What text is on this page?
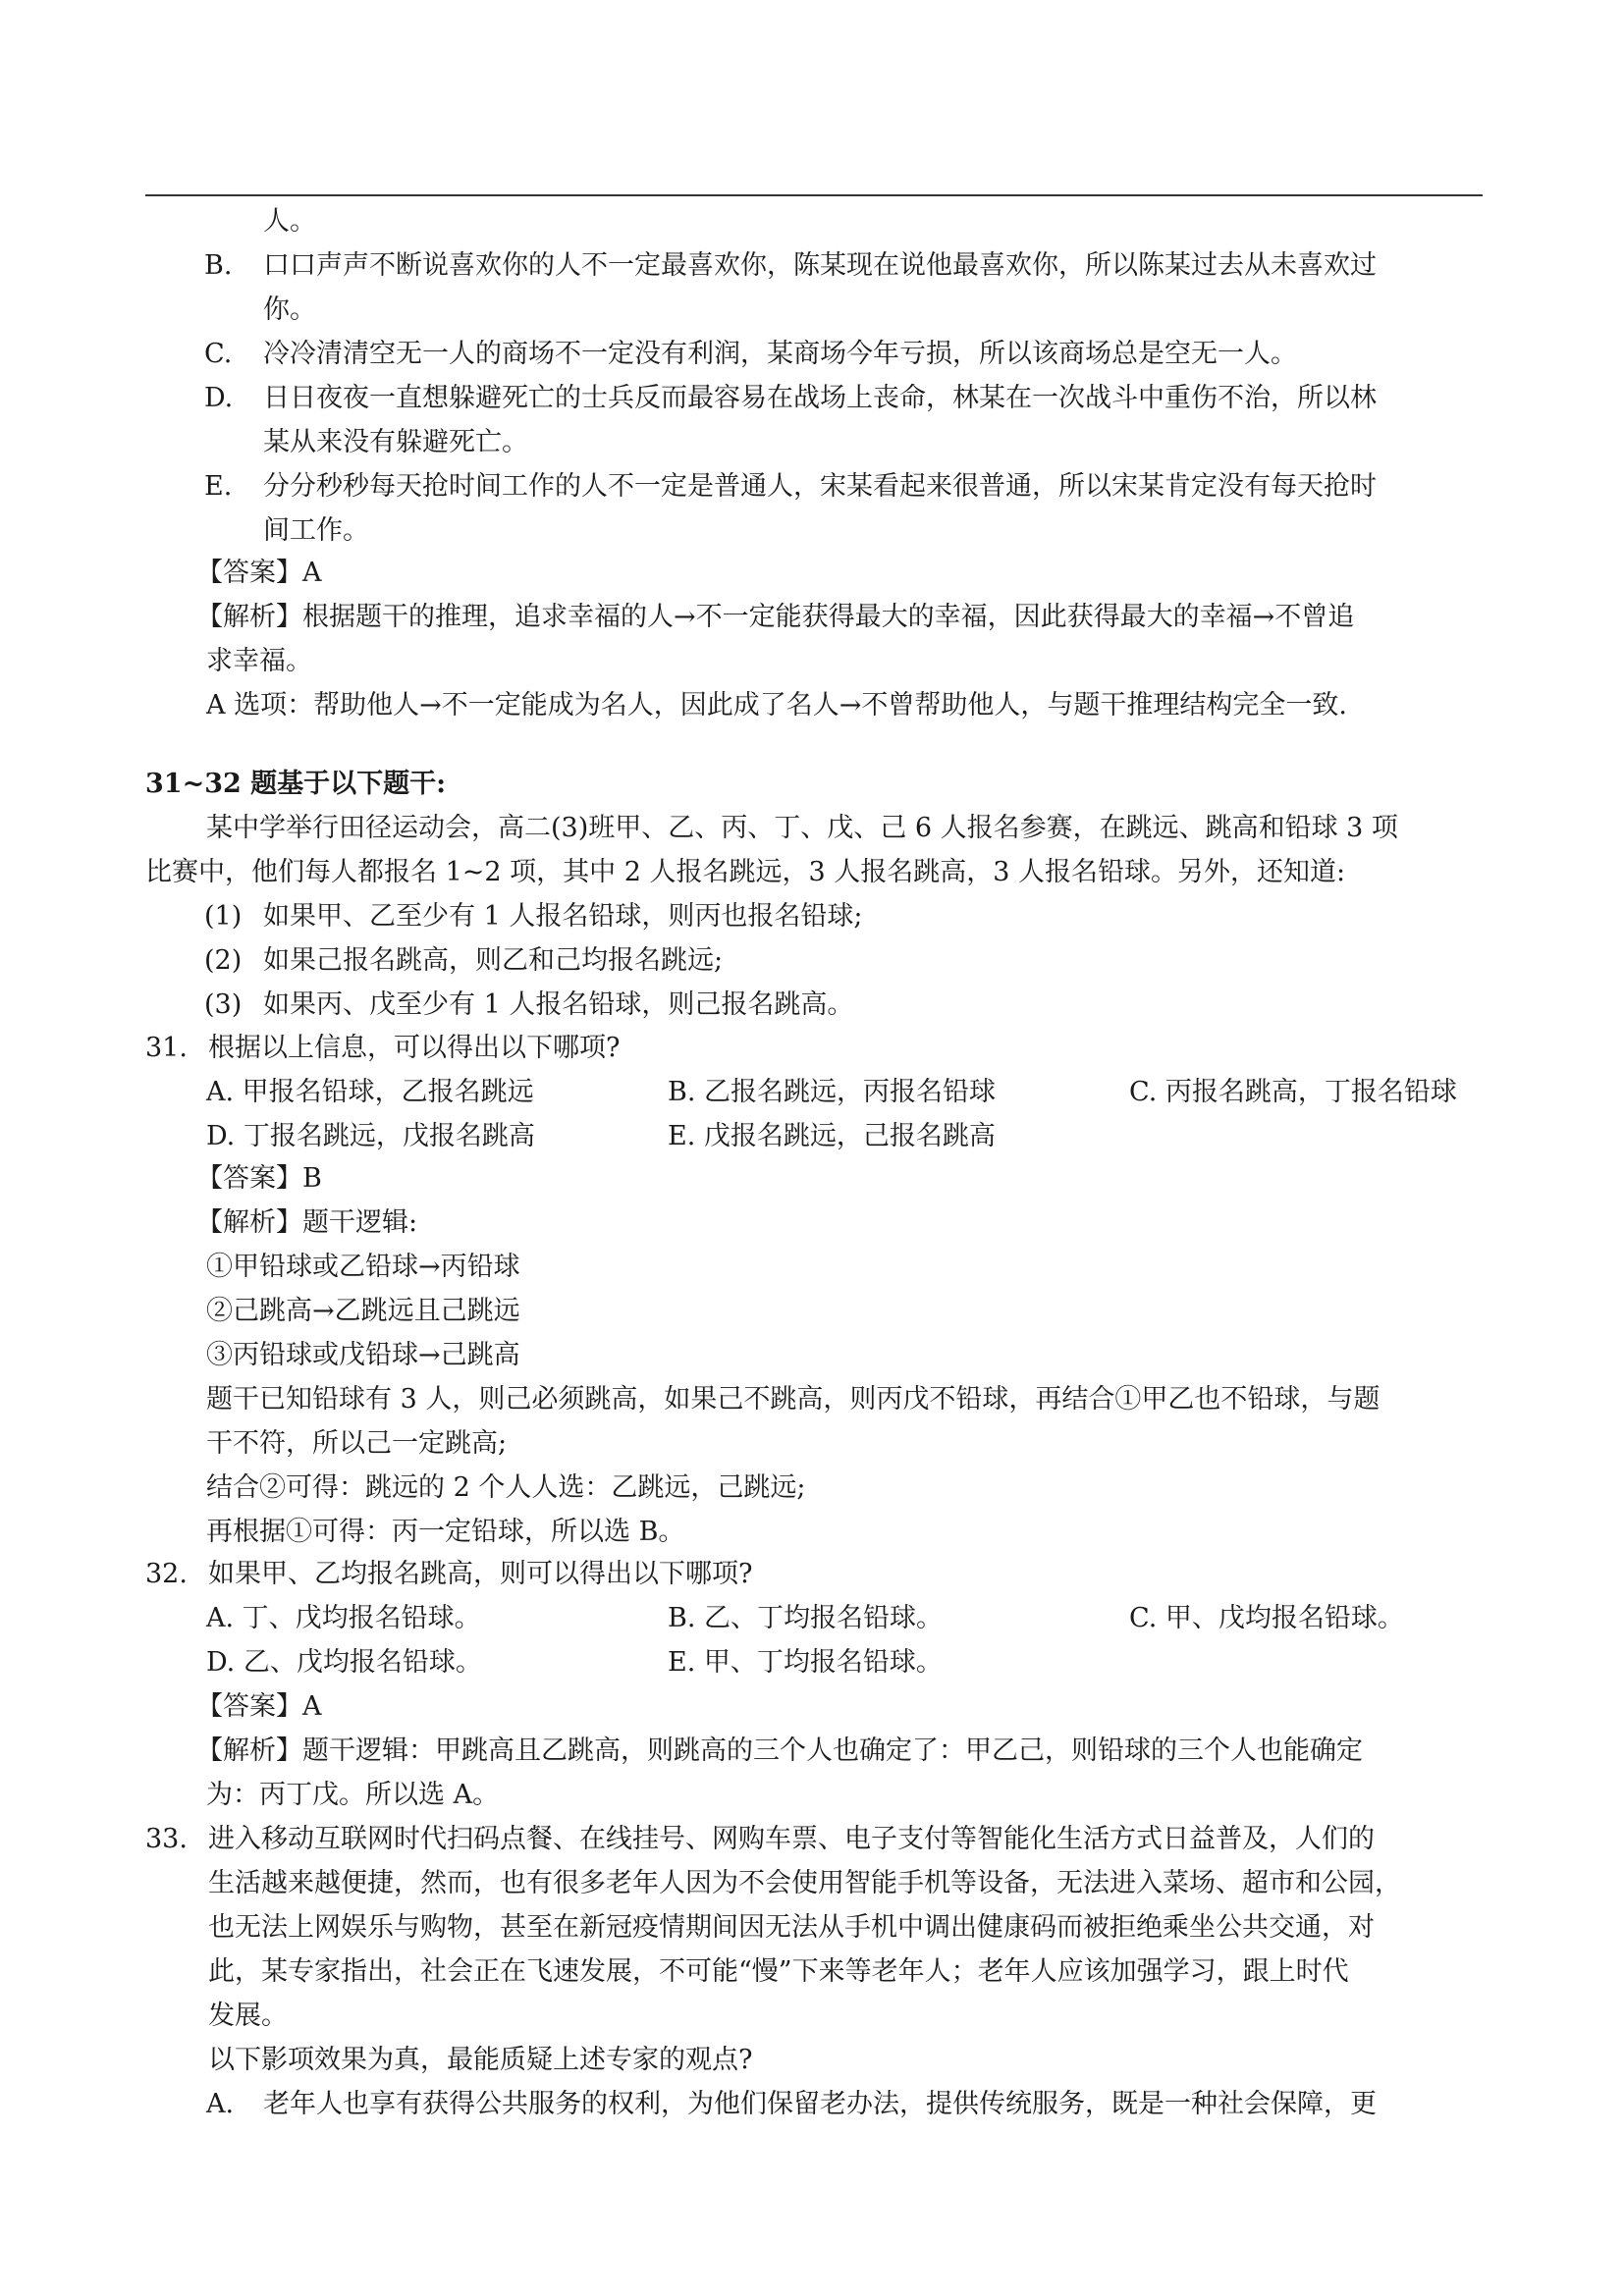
人。
B. 口口声声不断说喜欢你的人不一定最喜欢你，陈某现在说他最喜欢你，所以陈某过去从未喜欢过
你。
C. 冷冷清清空无一人的商场不一定没有利润，某商场今年亏损，所以该商场总是空无一人。
D. 日日夜夜一直想躲避死亡的士兵反而最容易在战场上丧命，林某在一次战斗中重伤不治，所以林
某从来没有躲避死亡。
E. 分分秒秒每天抢时间工作的人不一定是普通人，宋某看起来很普通，所以宋某肯定没有每天抢时
间工作。
【答案】A
【解析】根据题干的推理，追求幸福的人→不一定能获得最大的幸福，因此获得最大的幸福→不曾追
求幸福。
A 选项：帮助他人→不一定能成为名人，因此成了名人→不曾帮助他人，与题干推理结构完全一致.
31~32 题基于以下题干:
某中学举行田径运动会，高二(3)班甲、乙、丙、丁、戊、己 6 人报名参赛，在跳远、跳高和铅球 3 项
比赛中，他们每人都报名 1~2 项，其中 2 人报名跳远，3 人报名跳高，3 人报名铅球。另外，还知道:
(1) 如果甲、乙至少有 1 人报名铅球，则丙也报名铅球;
(2) 如果己报名跳高，则乙和己均报名跳远;
(3) 如果丙、戊至少有 1 人报名铅球，则己报名跳高。
31. 根据以上信息，可以得出以下哪项?
A. 甲报名铅球，乙报名跳远	B. 乙报名跳远，丙报名铅球	C. 丙报名跳高，丁报名铅球
D. 丁报名跳远，戊报名跳高	E. 戊报名跳远，己报名跳高
【答案】B
【解析】题干逻辑:
①甲铅球或乙铅球→丙铅球
②己跳高→乙跳远且己跳远
③丙铅球或戊铅球→己跳高
题干已知铅球有 3 人，则己必须跳高，如果己不跳高，则丙戊不铅球，再结合①甲乙也不铅球，与题
干不符，所以己一定跳高;
结合②可得：跳远的 2 个人人选：乙跳远，己跳远;
再根据①可得：丙一定铅球，所以选 B。
32. 如果甲、乙均报名跳高，则可以得出以下哪项?
A. 丁、戊均报名铅球。	B. 乙、丁均报名铅球。	C. 甲、戊均报名铅球。
D. 乙、戊均报名铅球。	E. 甲、丁均报名铅球。
【答案】A
【解析】题干逻辑：甲跳高且乙跳高，则跳高的三个人也确定了：甲乙己，则铅球的三个人也能确定
为：丙丁戊。所以选 A。
33. 进入移动互联网时代扫码点餐、在线挂号、网购车票、电子支付等智能化生活方式日益普及，人们的
生活越来越便捷，然而，也有很多老年人因为不会使用智能手机等设备，无法进入菜场、超市和公园，
也无法上网娱乐与购物，甚至在新冠疫情期间因无法从手机中调出健康码而被拒绝乘坐公共交通，对
此，某专家指出，社会正在飞速发展，不可能“慢”下来等老年人；老年人应该加强学习，跟上时代
发展。
以下影项效果为真，最能质疑上述专家的观点?
A. 老年人也享有获得公共服务的权利，为他们保留老办法，提供传统服务，既是一种社会保障，更
